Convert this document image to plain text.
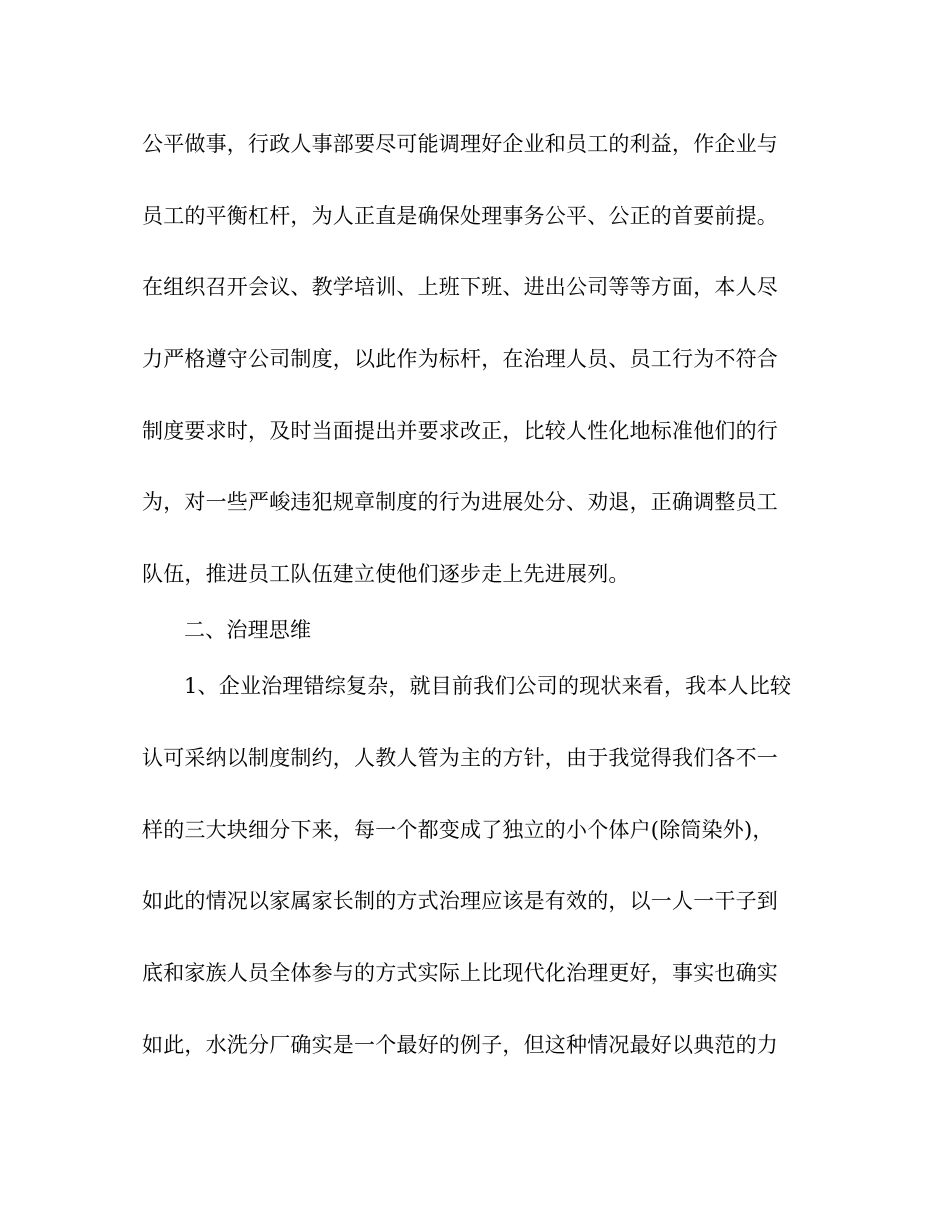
公平做事，行政人事部要尽可能调理好企业和员工的利益，作企业与
员工的平衡杠杆，为人正直是确保处理事务公平、公正的首要前提。
在组织召开会议、教学培训、上班下班、进出公司等等方面，本人尽
力严格遵守公司制度，以此作为标杆，在治理人员、员工行为不符合
制度要求时，及时当面提出并要求改正，比较人性化地标准他们的行
为，对一些严峻违犯规章制度的行为进展处分、劝退，正确调整员工
队伍，推进员工队伍建立使他们逐步走上先进展列。
二、治理思维
1、企业治理错综复杂，就目前我们公司的现状来看，我本人比较
认可采纳以制度制约，人教人管为主的方针，由于我觉得我们各不一
样的三大块细分下来，每一个都变成了独立的小个体户(除筒染外)，
如此的情况以家属家长制的方式治理应该是有效的，以一人一干子到
底和家族人员全体参与的方式实际上比现代化治理更好，事实也确实
如此，水洗分厂确实是一个最好的例子，但这种情况最好以典范的力
